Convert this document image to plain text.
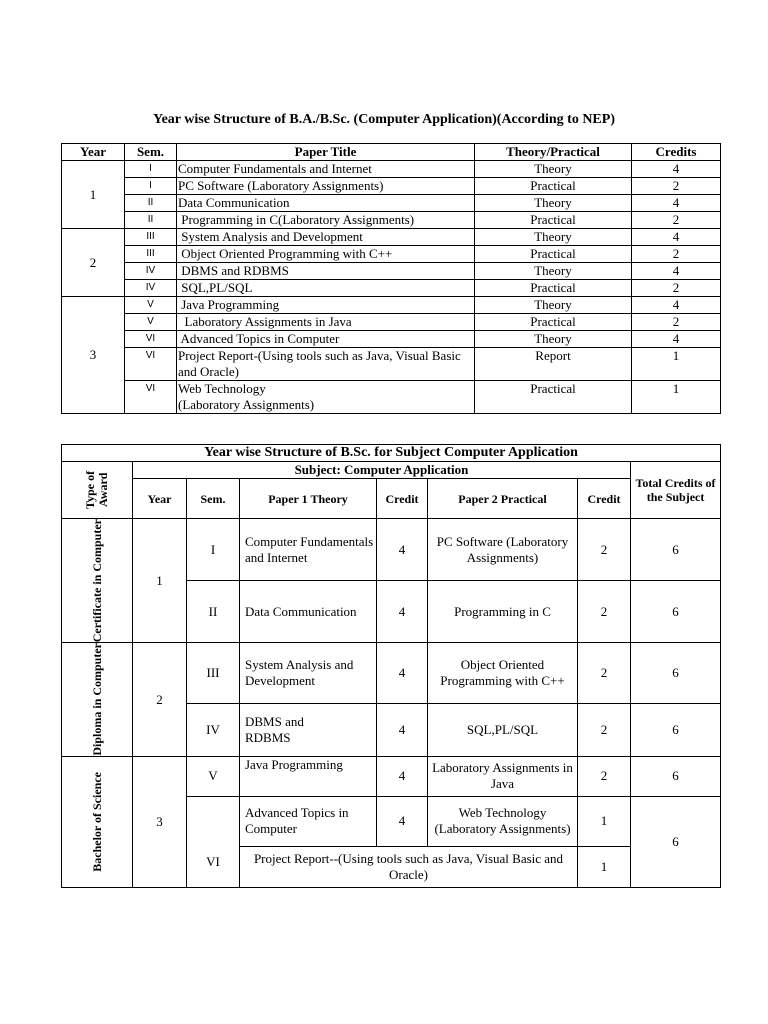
Year wise Structure of B.A./B.Sc. (Computer Application)(According to NEP)
Year	Sem.	Paper Title	Theory/Practical	Credits
1	I	Computer Fundamentals and Internet	Theory	4
	I	PC Software (Laboratory Assignments)	Practical	2
	II	Data Communication	Theory	4
	II	Programming in C(Laboratory Assignments)	Practical	2
2	III	System Analysis and Development	Theory	4
	III	Object Oriented Programming with C++	Practical	2
	IV	DBMS and RDBMS	Theory	4
	IV	SQL,PL/SQL	Practical	2
3	V	Java Programming	Theory	4
	V	Laboratory Assignments in Java	Practical	2
	VI	Advanced Topics in Computer	Theory	4
	VI	Project Report-(Using tools such as Java, Visual Basic and Oracle)	Report	1
	VI	Web Technology (Laboratory Assignments)	Practical	1
Year wise Structure of B.Sc. for Subject Computer Application							

Type of Award	Subject: Computer Application						Total Credits of the Subject
	Year	Sem.	Paper 1 Theory	Credit	Paper 2 Practical	Credit	

Certificate in Computer	1	I	Computer Fundamentals and Internet	4	PC Software (Laboratory Assignments)	2	6
		II	Data Communication	4	Programming in C	2	6

Diploma in Computer	2	III	System Analysis and Development	4	Object Oriented Programming with C++	2	6
		IV	DBMS and RDBMS	4	SQL,PL/SQL	2	6

Bachelor of Science	3	V	Java Programming	4	Laboratory Assignments in Java	2	6
		VI	Advanced Topics in Computer	4	Web Technology (Laboratory Assignments)	1	6
			Project Report--(Using tools such as Java, Visual Basic and Oracle)			1	
